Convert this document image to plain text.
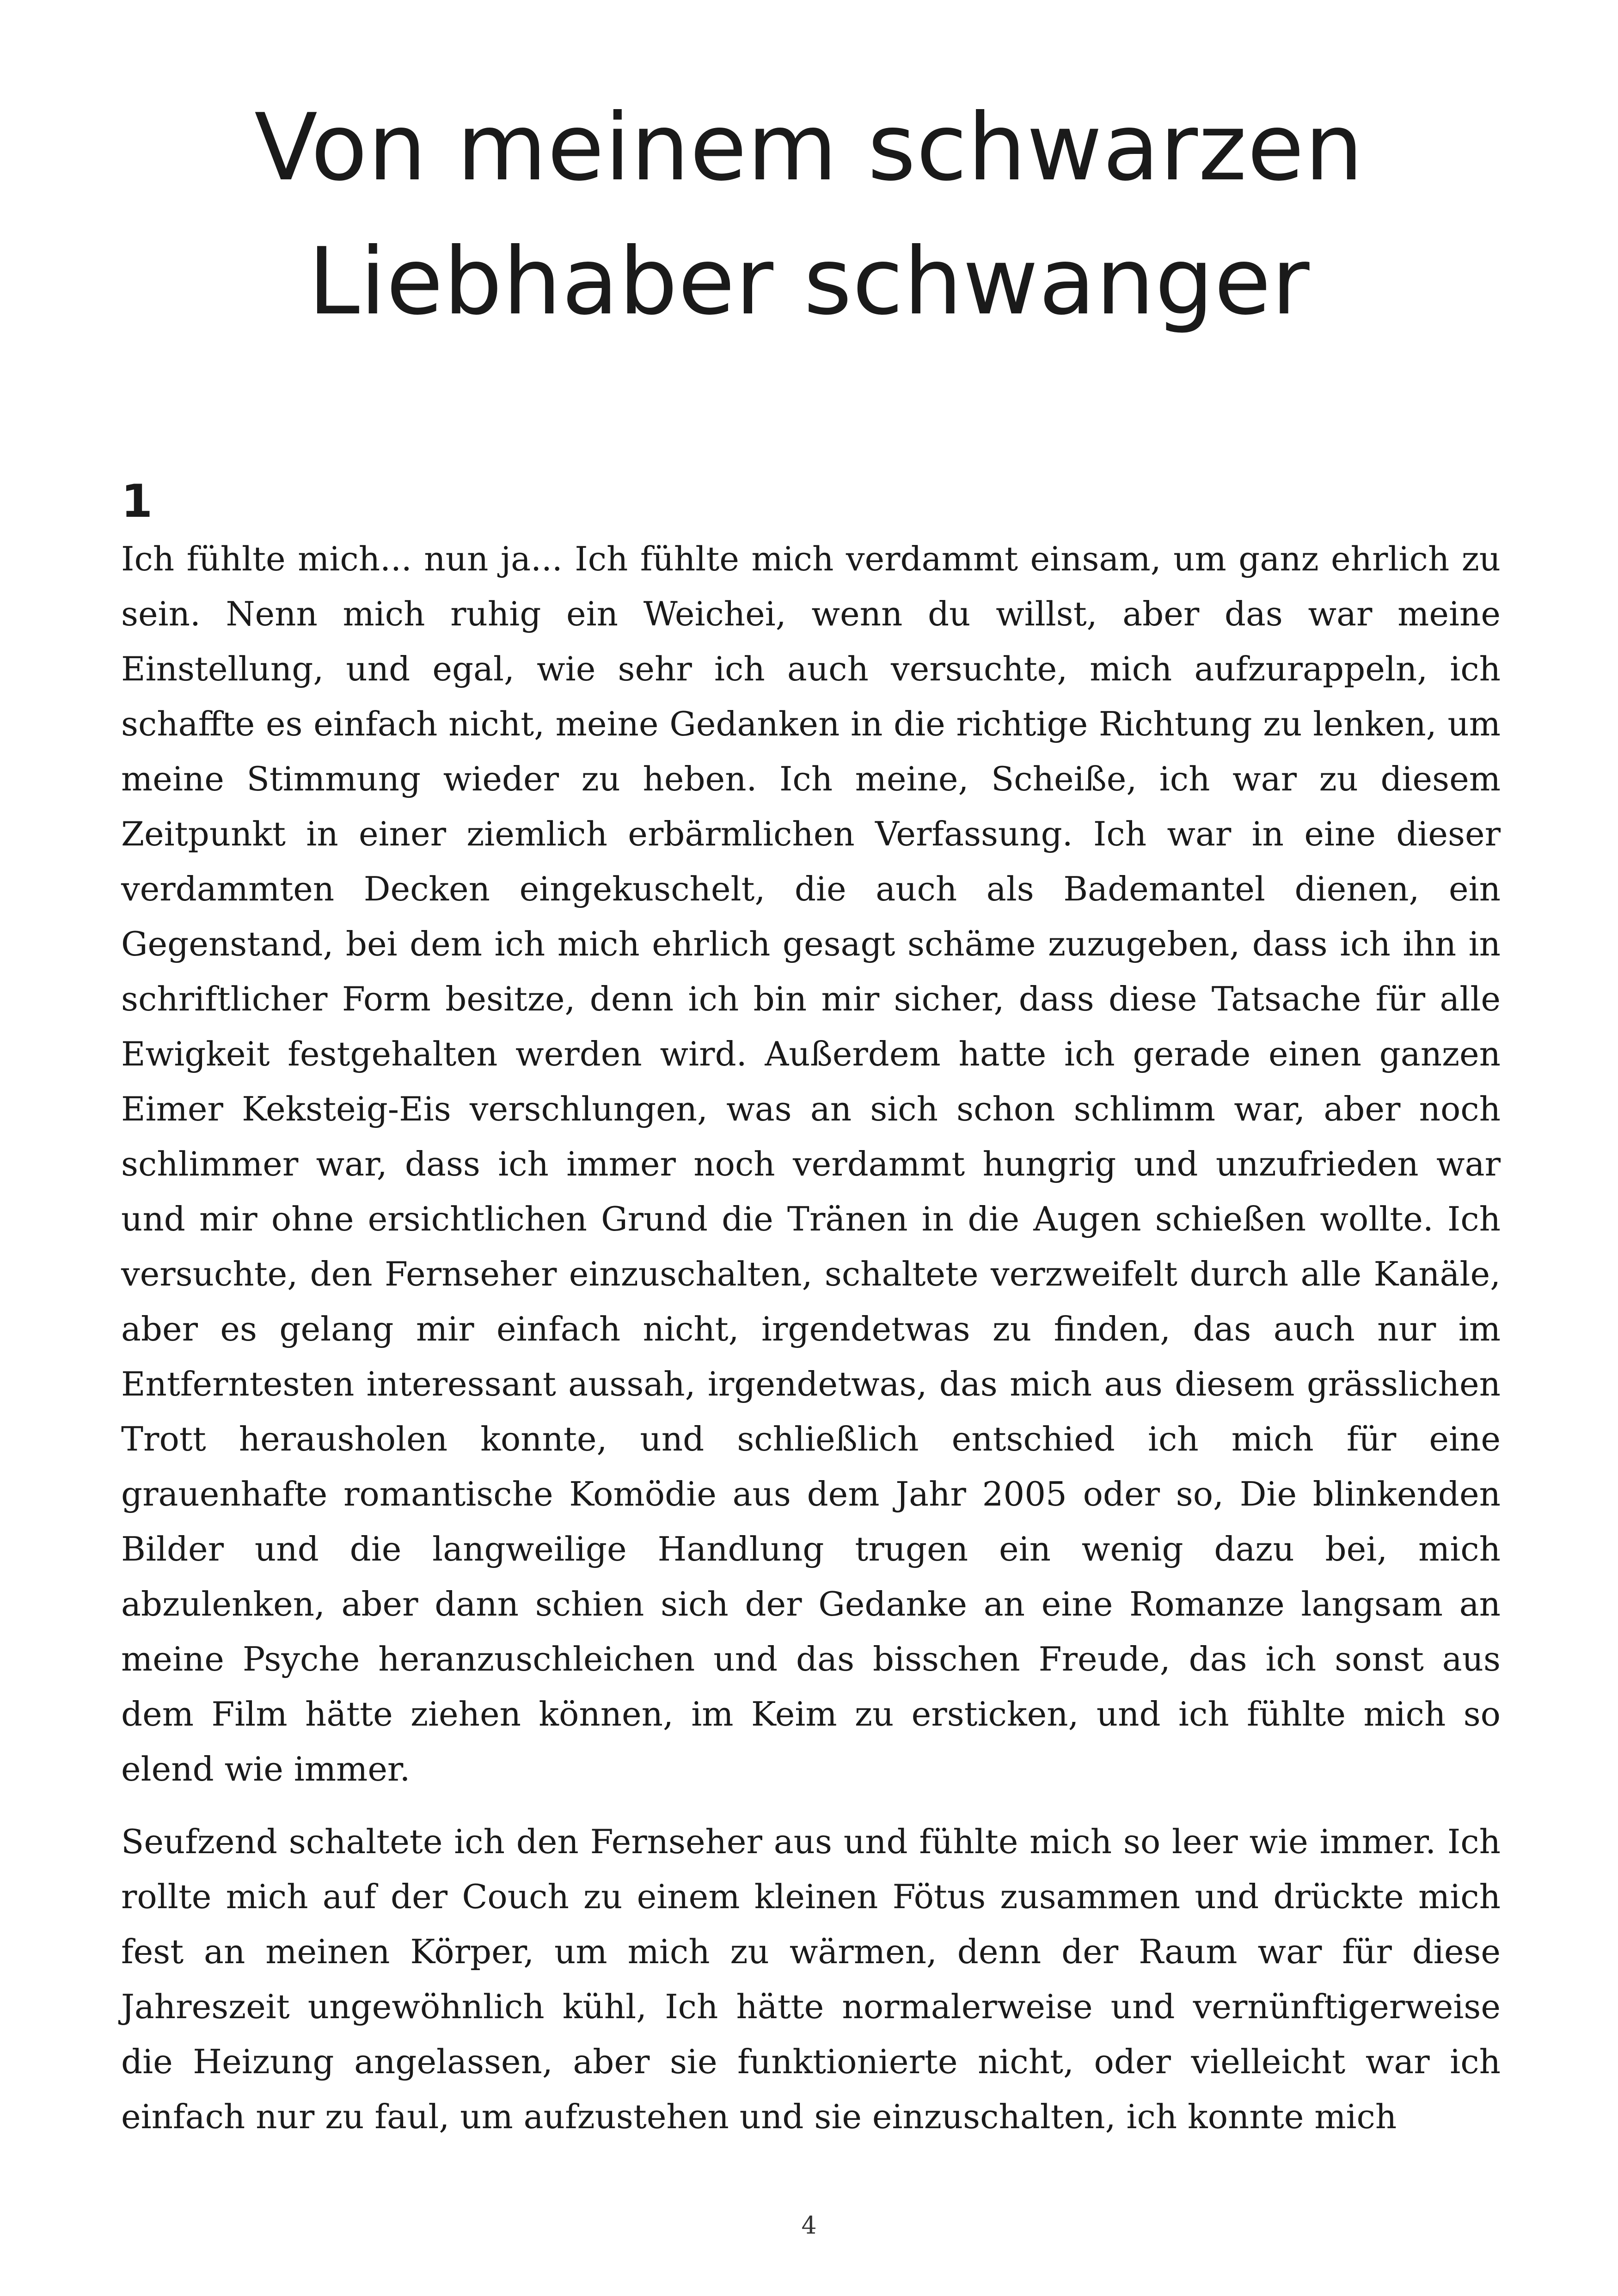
Von meinem schwarzen
Liebhaber schwanger
1

Ich fühlte mich... nun ja... Ich fühlte mich verdammt einsam, um ganz ehrlich zu sein. Nenn mich ruhig ein Weichei, wenn du willst, aber das war meine Einstellung, und egal, wie sehr ich auch versuchte, mich aufzurappeln, ich schaffte es einfach nicht, meine Gedanken in die richtige Richtung zu lenken, um meine Stimmung wieder zu heben. Ich meine, Scheiße, ich war zu diesem Zeitpunkt in einer ziemlich erbärmlichen Verfassung. Ich war in eine dieser verdammten Decken eingekuschelt, die auch als Bademantel dienen, ein Gegenstand, bei dem ich mich ehrlich gesagt schäme zuzugeben, dass ich ihn in schriftlicher Form besitze, denn ich bin mir sicher, dass diese Tatsache für alle Ewigkeit festgehalten werden wird. Außerdem hatte ich gerade einen ganzen Eimer Keksteig-Eis verschlungen, was an sich schon schlimm war, aber noch schlimmer war, dass ich immer noch verdammt hungrig und unzufrieden war und mir ohne ersichtlichen Grund die Tränen in die Augen schießen wollte. Ich versuchte, den Fernseher einzuschalten, schaltete verzweifelt durch alle Kanäle, aber es gelang mir einfach nicht, irgendetwas zu finden, das auch nur im Entferntesten interessant aussah, irgendetwas, das mich aus diesem grässlichen Trott herausholen konnte, und schließlich entschied ich mich für eine grauenhafte romantische Komödie aus dem Jahr 2005 oder so, Die blinkenden Bilder und die langweilige Handlung trugen ein wenig dazu bei, mich abzulenken, aber dann schien sich der Gedanke an eine Romanze langsam an meine Psyche heranzuschleichen und das bisschen Freude, das ich sonst aus dem Film hätte ziehen können, im Keim zu ersticken, und ich fühlte mich so elend wie immer.

Seufzend schaltete ich den Fernseher aus und fühlte mich so leer wie immer. Ich rollte mich auf der Couch zu einem kleinen Fötus zusammen und drückte mich fest an meinen Körper, um mich zu wärmen, denn der Raum war für diese Jahreszeit ungewöhnlich kühl, Ich hätte normalerweise und vernünftigerweise die Heizung angelassen, aber sie funktionierte nicht, oder vielleicht war ich einfach nur zu faul, um aufzustehen und sie einzuschalten, ich konnte mich

4
